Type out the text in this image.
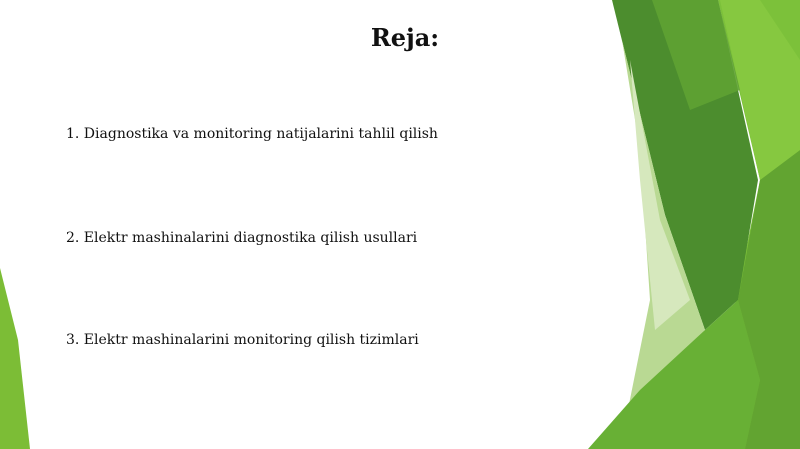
Reja:
1. Diagnostika va monitoring natijalarini tahlil qilish
2. Elektr mashinalarini diagnostika qilish usullari
3. Elektr mashinalarini monitoring qilish tizimlari
